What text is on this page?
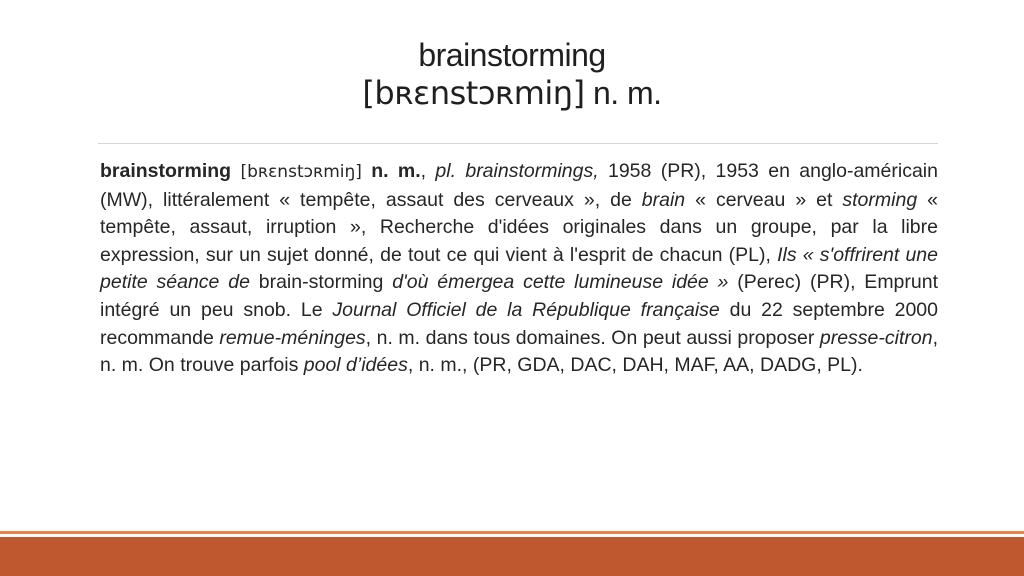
brainstorming
[bʀɛnstɔʀmiŋ] n. m.
brainstorming [bʀɛnstɔʀmiŋ] n. m., pl. brainstormings, 1958 (PR), 1953 en anglo-américain (MW), littéralement « tempête, assaut des cerveaux », de brain « cerveau » et storming « tempête, assaut, irruption », Recherche d'idées originales dans un groupe, par la libre expression, sur un sujet donné, de tout ce qui vient à l'esprit de chacun (PL), Ils « s'offrirent une petite séance de brain-storming d'où émergea cette lumineuse idée » (Perec) (PR), Emprunt intégré un peu snob. Le Journal Officiel de la République française du 22 septembre 2000 recommande remue-méninges, n. m. dans tous domaines. On peut aussi proposer presse-citron, n. m. On trouve parfois pool d’idées, n. m., (PR, GDA, DAC, DAH, MAF, AA, DADG, PL).
